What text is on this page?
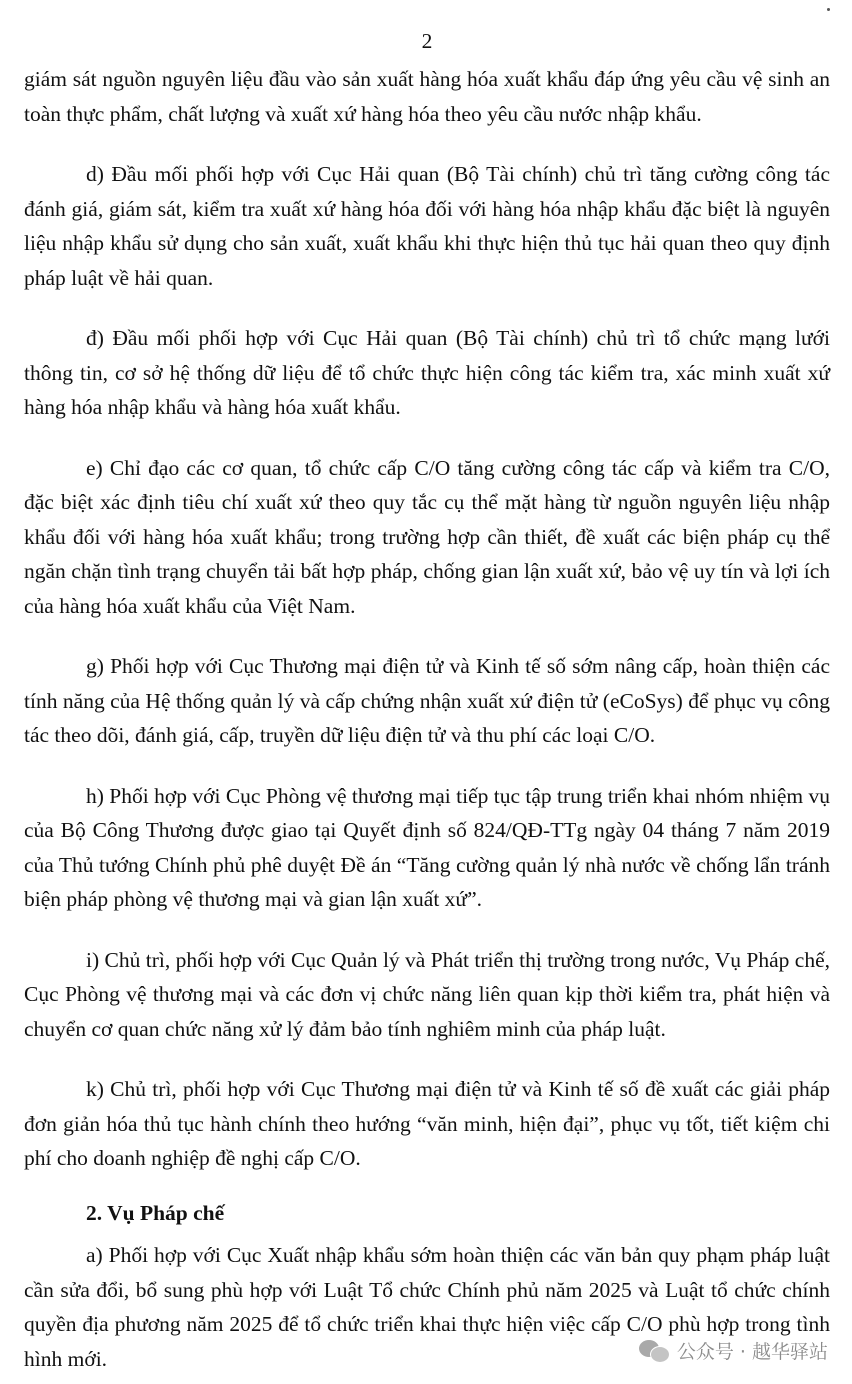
2

giám sát nguồn nguyên liệu đầu vào sản xuất hàng hóa xuất khẩu đáp ứng yêu cầu vệ sinh an toàn thực phẩm, chất lượng và xuất xứ hàng hóa theo yêu cầu nước nhập khẩu.

d) Đầu mối phối hợp với Cục Hải quan (Bộ Tài chính) chủ trì tăng cường công tác đánh giá, giám sát, kiểm tra xuất xứ hàng hóa đối với hàng hóa nhập khẩu đặc biệt là nguyên liệu nhập khẩu sử dụng cho sản xuất, xuất khẩu khi thực hiện thủ tục hải quan theo quy định pháp luật về hải quan.

đ) Đầu mối phối hợp với Cục Hải quan (Bộ Tài chính) chủ trì tổ chức mạng lưới thông tin, cơ sở hệ thống dữ liệu để tổ chức thực hiện công tác kiểm tra, xác minh xuất xứ hàng hóa nhập khẩu và hàng hóa xuất khẩu.

e) Chỉ đạo các cơ quan, tổ chức cấp C/O tăng cường công tác cấp và kiểm tra C/O, đặc biệt xác định tiêu chí xuất xứ theo quy tắc cụ thể mặt hàng từ nguồn nguyên liệu nhập khẩu đối với hàng hóa xuất khẩu; trong trường hợp cần thiết, đề xuất các biện pháp cụ thể ngăn chặn tình trạng chuyển tải bất hợp pháp, chống gian lận xuất xứ, bảo vệ uy tín và lợi ích của hàng hóa xuất khẩu của Việt Nam.

g) Phối hợp với Cục Thương mại điện tử và Kinh tế số sớm nâng cấp, hoàn thiện các tính năng của Hệ thống quản lý và cấp chứng nhận xuất xứ điện tử (eCoSys) để phục vụ công tác theo dõi, đánh giá, cấp, truyền dữ liệu điện tử và thu phí các loại C/O.

h) Phối hợp với Cục Phòng vệ thương mại tiếp tục tập trung triển khai nhóm nhiệm vụ của Bộ Công Thương được giao tại Quyết định số 824/QĐ-TTg ngày 04 tháng 7 năm 2019 của Thủ tướng Chính phủ phê duyệt Đề án “Tăng cường quản lý nhà nước về chống lẩn tránh biện pháp phòng vệ thương mại và gian lận xuất xứ”.

i) Chủ trì, phối hợp với Cục Quản lý và Phát triển thị trường trong nước, Vụ Pháp chế, Cục Phòng vệ thương mại và các đơn vị chức năng liên quan kịp thời kiểm tra, phát hiện và chuyển cơ quan chức năng xử lý đảm bảo tính nghiêm minh của pháp luật.

k) Chủ trì, phối hợp với Cục Thương mại điện tử và Kinh tế số đề xuất các giải pháp đơn giản hóa thủ tục hành chính theo hướng “văn minh, hiện đại”, phục vụ tốt, tiết kiệm chi phí cho doanh nghiệp đề nghị cấp C/O.

2. Vụ Pháp chế

a) Phối hợp với Cục Xuất nhập khẩu sớm hoàn thiện các văn bản quy phạm pháp luật cần sửa đổi, bổ sung phù hợp với Luật Tổ chức Chính phủ năm 2025 và Luật tổ chức chính quyền địa phương năm 2025 để tổ chức triển khai thực hiện việc cấp C/O phù hợp trong tình hình mới.	公众号 · 越华驿站
